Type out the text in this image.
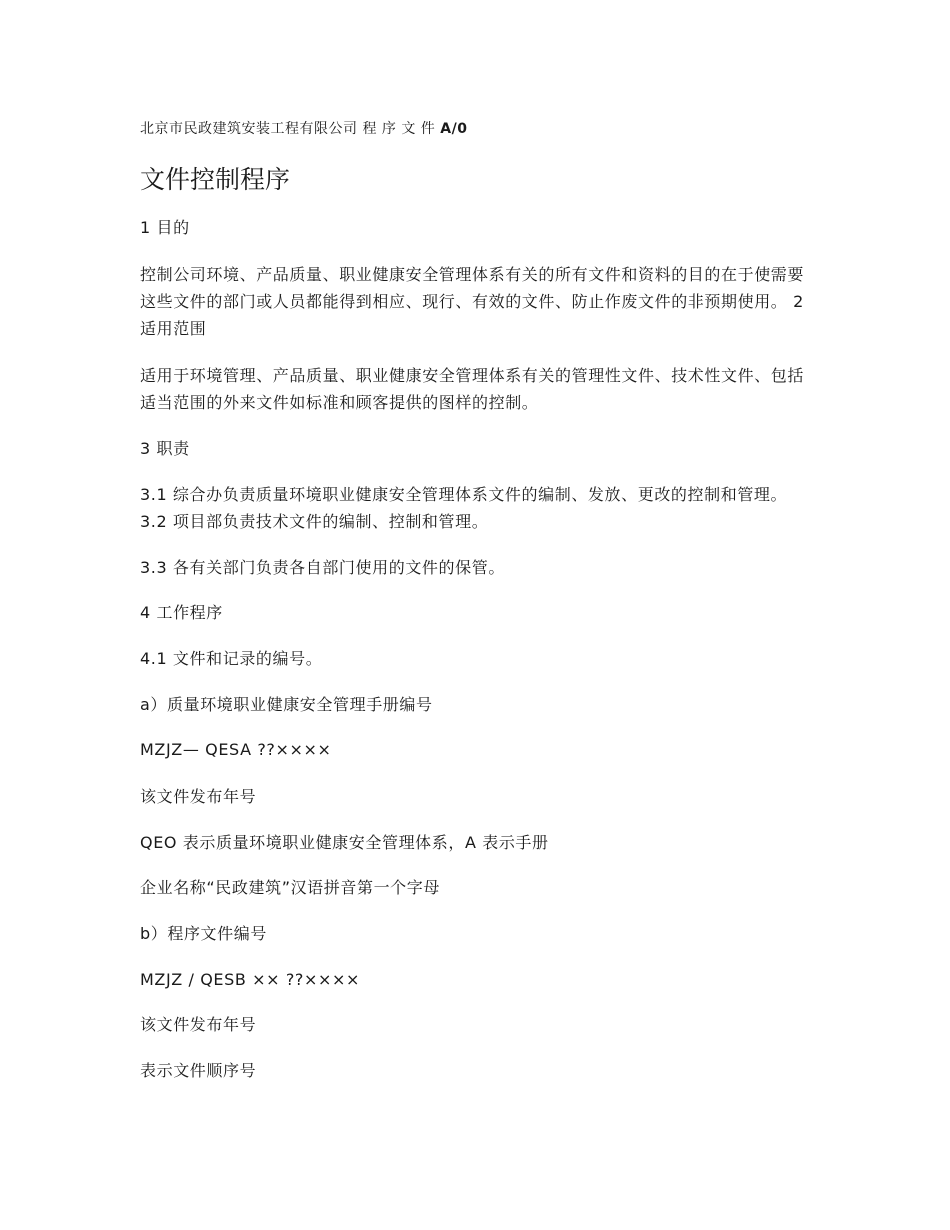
北京市民政建筑安装工程有限公司 程 序 文 件 A/0
文件控制程序

1 目的

控制公司环境、产品质量、职业健康安全管理体系有关的所有文件和资料的目的在于使需要这些文件的部门或人员都能得到相应、现行、有效的文件、防止作废文件的非预期使用。 2 适用范围

适用于环境管理、产品质量、职业健康安全管理体系有关的管理性文件、技术性文件、包括适当范围的外来文件如标准和顾客提供的图样的控制。

3 职责

3.1 综合办负责质量环境职业健康安全管理体系文件的编制、发放、更改的控制和管理。 3.2 项目部负责技术文件的编制、控制和管理。

3.3 各有关部门负责各自部门使用的文件的保管。

4 工作程序

4.1 文件和记录的编号。

a）质量环境职业健康安全管理手册编号

MZJZ— QESA ??××××

该文件发布年号

QEO 表示质量环境职业健康安全管理体系，A 表示手册

企业名称“民政建筑”汉语拼音第一个字母

b）程序文件编号

MZJZ / QESB ×× ??××××

该文件发布年号

表示文件顺序号
